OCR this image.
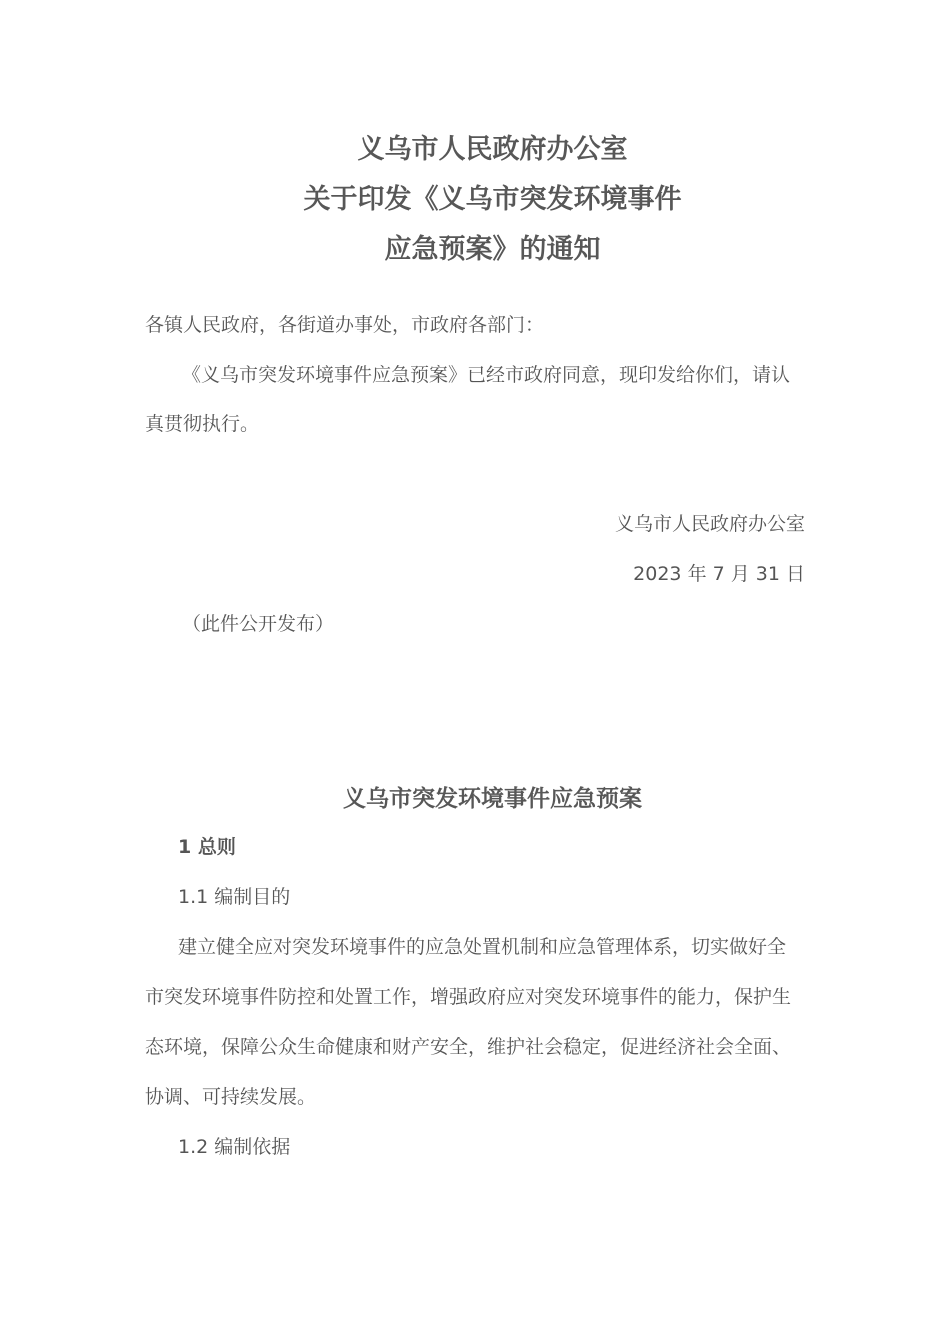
义乌市人民政府办公室
关于印发《义乌市突发环境事件
应急预案》的通知
各镇人民政府，各街道办事处，市政府各部门：
《义乌市突发环境事件应急预案》已经市政府同意，现印发给你们，请认
真贯彻执行。
义乌市人民政府办公室
2023 年 7 月 31 日
（此件公开发布）
义乌市突发环境事件应急预案
1 总则
1.1 编制目的
建立健全应对突发环境事件的应急处置机制和应急管理体系，切实做好全
市突发环境事件防控和处置工作，增强政府应对突发环境事件的能力，保护生
态环境，保障公众生命健康和财产安全，维护社会稳定，促进经济社会全面、
协调、可持续发展。
1.2 编制依据
